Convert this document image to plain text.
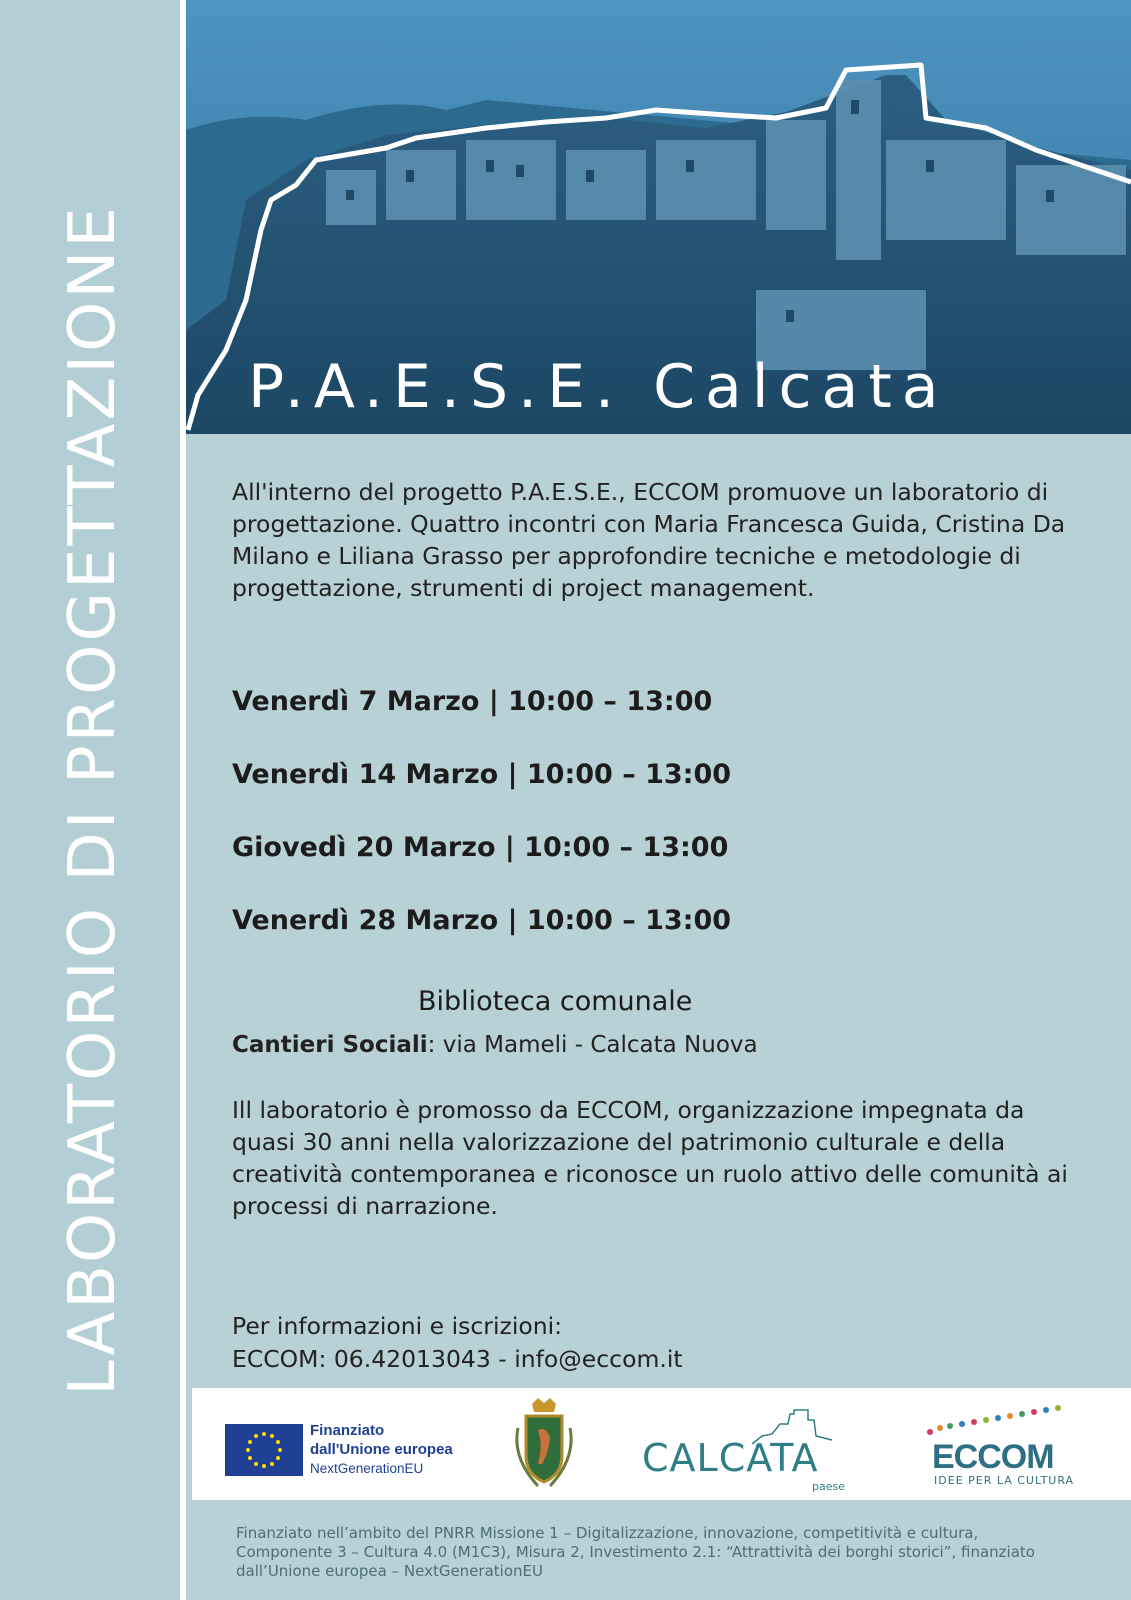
LABORATORIO DI PROGETTAZIONE P.A.E.S.E. Calcata

All'interno del progetto P.A.E.S.E., ECCOM promuove un laboratorio di progettazione. Quattro incontri con Maria Francesca Guida, Cristina Da Milano e Liliana Grasso per approfondire tecniche e metodologie di progettazione, strumenti di project management.

Venerdì 7 Marzo | 10:00 – 13:00
Venerdì 14 Marzo | 10:00 – 13:00
Giovedì 20 Marzo | 10:00 – 13:00
Venerdì 28 Marzo | 10:00 – 13:00
Biblioteca comunale
Cantieri Sociali: via Mameli - Calcata Nuova

Ill laboratorio è promosso da ECCOM, organizzazione impegnata da quasi 30 anni nella valorizzazione del patrimonio culturale e della creatività contemporanea e riconosce un ruolo attivo delle comunità ai processi di narrazione.

Per informazioni e iscrizioni:
ECCOM: 06.42013043 - info@eccom.it
Finanziato
dall'Unione europea
NextGenerationEU	CALCATA
paese
ECCOM
IDEE PER LA CULTURA

Finanziato nell’ambito del PNRR Missione 1 – Digitalizzazione, innovazione, competitività e cultura, Componente 3 – Cultura 4.0 (M1C3), Misura 2, Investimento 2.1: “Attrattività dei borghi storici”, finanziato dall’Unione europea – NextGenerationEU
